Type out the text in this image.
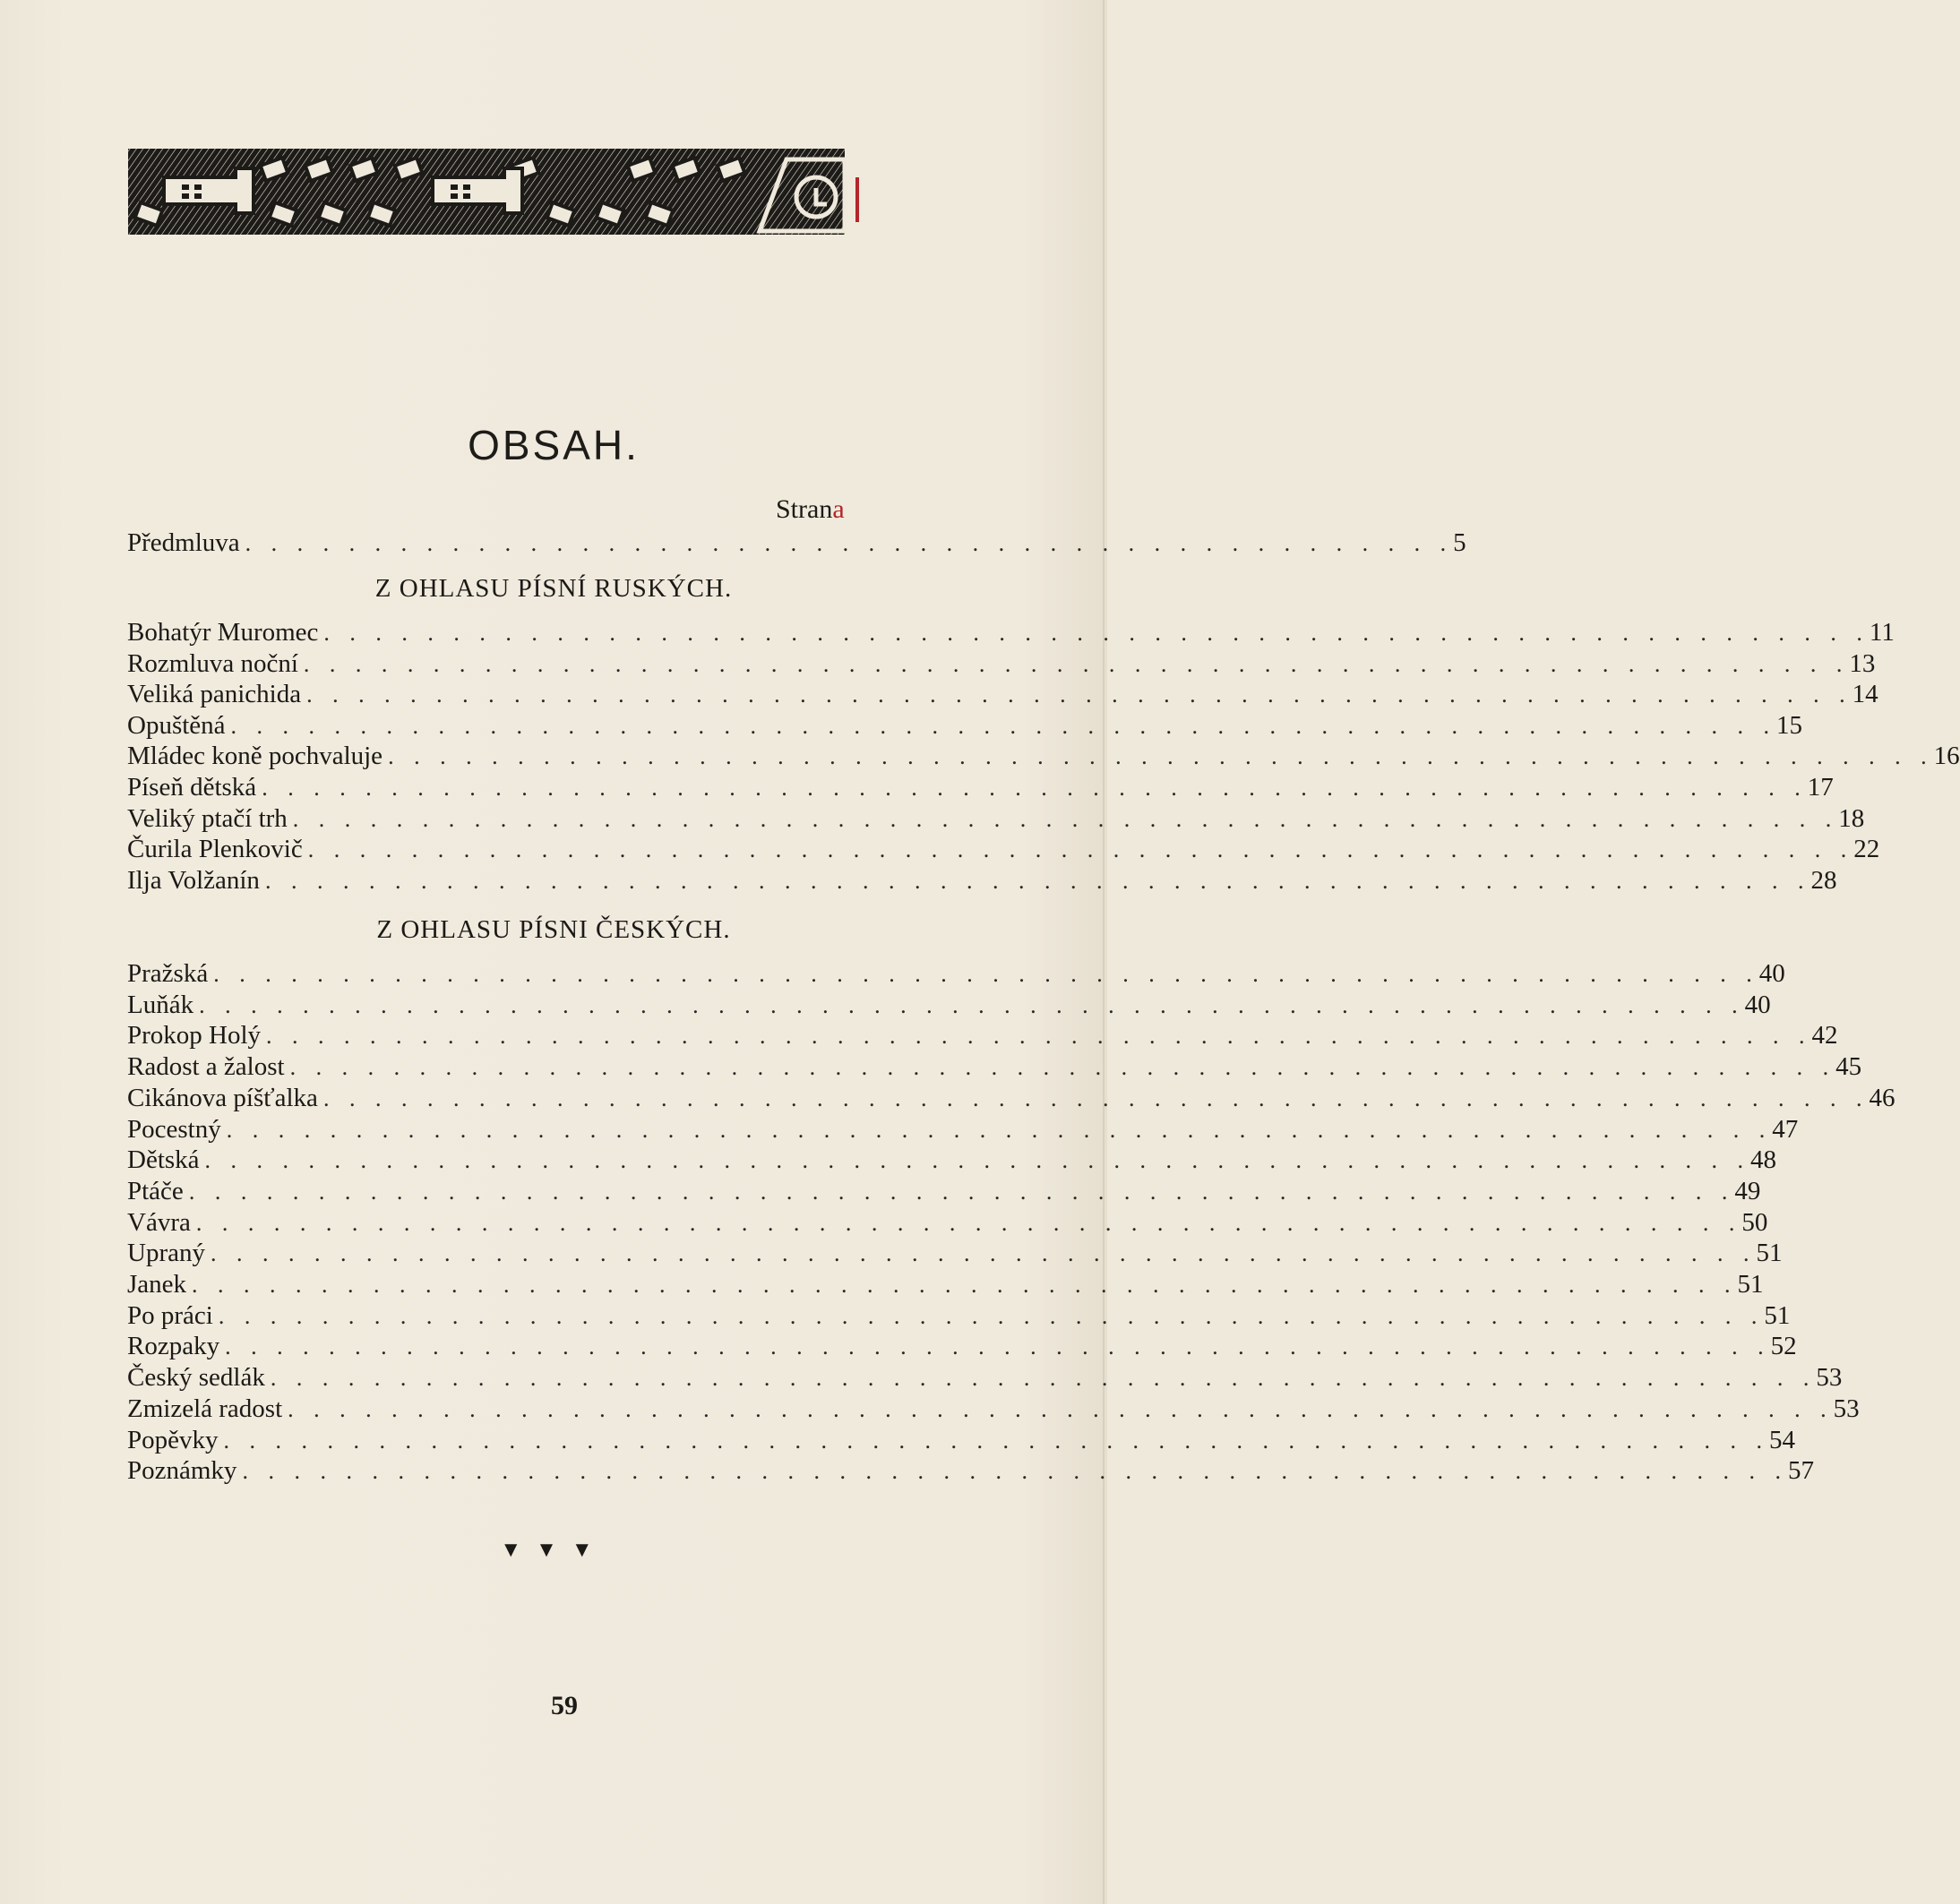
OBSAH.
Strana
Předmluva . . . . . . . . . . . . . . . . . . . . . . . . . . . . . . . . . . . . . . . . . . . . . . . 5
Z OHLASU PÍSNÍ RUSKÝCH.
Bohatýr Muromec . . . . . . . . . . . . . . . . . . . . . . . . . . . . . . . . . . . . . . . . . . . . . . . . . . . . . . . . . . . . 11
Rozmluva noční . . . . . . . . . . . . . . . . . . . . . . . . . . . . . . . . . . . . . . . . . . . . . . . . . . . . . . . . . . . . 13
Veliká panichida . . . . . . . . . . . . . . . . . . . . . . . . . . . . . . . . . . . . . . . . . . . . . . . . . . . . . . . . . . . . 14
Opuštěná . . . . . . . . . . . . . . . . . . . . . . . . . . . . . . . . . . . . . . . . . . . . . . . . . . . . . . . . . . . . 15
Mládec koně pochvaluje . . . . . . . . . . . . . . . . . . . . . . . . . . . . . . . . . . . . . . . . . . . . . . . . . . . . . . . . . . . . 16
Píseň dětská . . . . . . . . . . . . . . . . . . . . . . . . . . . . . . . . . . . . . . . . . . . . . . . . . . . . . . . . . . . . 17
Veliký ptačí trh . . . . . . . . . . . . . . . . . . . . . . . . . . . . . . . . . . . . . . . . . . . . . . . . . . . . . . . . . . . . 18
Čurila Plenkovič . . . . . . . . . . . . . . . . . . . . . . . . . . . . . . . . . . . . . . . . . . . . . . . . . . . . . . . . . . . . 22
Ilja Volžanín . . . . . . . . . . . . . . . . . . . . . . . . . . . . . . . . . . . . . . . . . . . . . . . . . . . . . . . . . . . . 28
Z OHLASU PÍSNI ČESKÝCH.
Pražská . . . . . . . . . . . . . . . . . . . . . . . . . . . . . . . . . . . . . . . . . . . . . . . . . . . . . . . . . . . . 40
Luňák . . . . . . . . . . . . . . . . . . . . . . . . . . . . . . . . . . . . . . . . . . . . . . . . . . . . . . . . . . . . 40
Prokop Holý . . . . . . . . . . . . . . . . . . . . . . . . . . . . . . . . . . . . . . . . . . . . . . . . . . . . . . . . . . . . 42
Radost a žalost . . . . . . . . . . . . . . . . . . . . . . . . . . . . . . . . . . . . . . . . . . . . . . . . . . . . . . . . . . . . 45
Cikánova píšťalka . . . . . . . . . . . . . . . . . . . . . . . . . . . . . . . . . . . . . . . . . . . . . . . . . . . . . . . . . . . . 46
Pocestný . . . . . . . . . . . . . . . . . . . . . . . . . . . . . . . . . . . . . . . . . . . . . . . . . . . . . . . . . . . . 47
Dětská . . . . . . . . . . . . . . . . . . . . . . . . . . . . . . . . . . . . . . . . . . . . . . . . . . . . . . . . . . . . 48
Ptáče . . . . . . . . . . . . . . . . . . . . . . . . . . . . . . . . . . . . . . . . . . . . . . . . . . . . . . . . . . . . 49
Vávra . . . . . . . . . . . . . . . . . . . . . . . . . . . . . . . . . . . . . . . . . . . . . . . . . . . . . . . . . . . . 50
Upraný . . . . . . . . . . . . . . . . . . . . . . . . . . . . . . . . . . . . . . . . . . . . . . . . . . . . . . . . . . . . 51
Janek . . . . . . . . . . . . . . . . . . . . . . . . . . . . . . . . . . . . . . . . . . . . . . . . . . . . . . . . . . . . 51
Po práci . . . . . . . . . . . . . . . . . . . . . . . . . . . . . . . . . . . . . . . . . . . . . . . . . . . . . . . . . . . . 51
Rozpaky . . . . . . . . . . . . . . . . . . . . . . . . . . . . . . . . . . . . . . . . . . . . . . . . . . . . . . . . . . . . 52
Český sedlák . . . . . . . . . . . . . . . . . . . . . . . . . . . . . . . . . . . . . . . . . . . . . . . . . . . . . . . . . . . . 53
Zmizelá radost . . . . . . . . . . . . . . . . . . . . . . . . . . . . . . . . . . . . . . . . . . . . . . . . . . . . . . . . . . . . 53
Popěvky . . . . . . . . . . . . . . . . . . . . . . . . . . . . . . . . . . . . . . . . . . . . . . . . . . . . . . . . . . . . 54
Poznámky . . . . . . . . . . . . . . . . . . . . . . . . . . . . . . . . . . . . . . . . . . . . . . . . . . . . . . . . . . . . 57
▼▼▼
59
